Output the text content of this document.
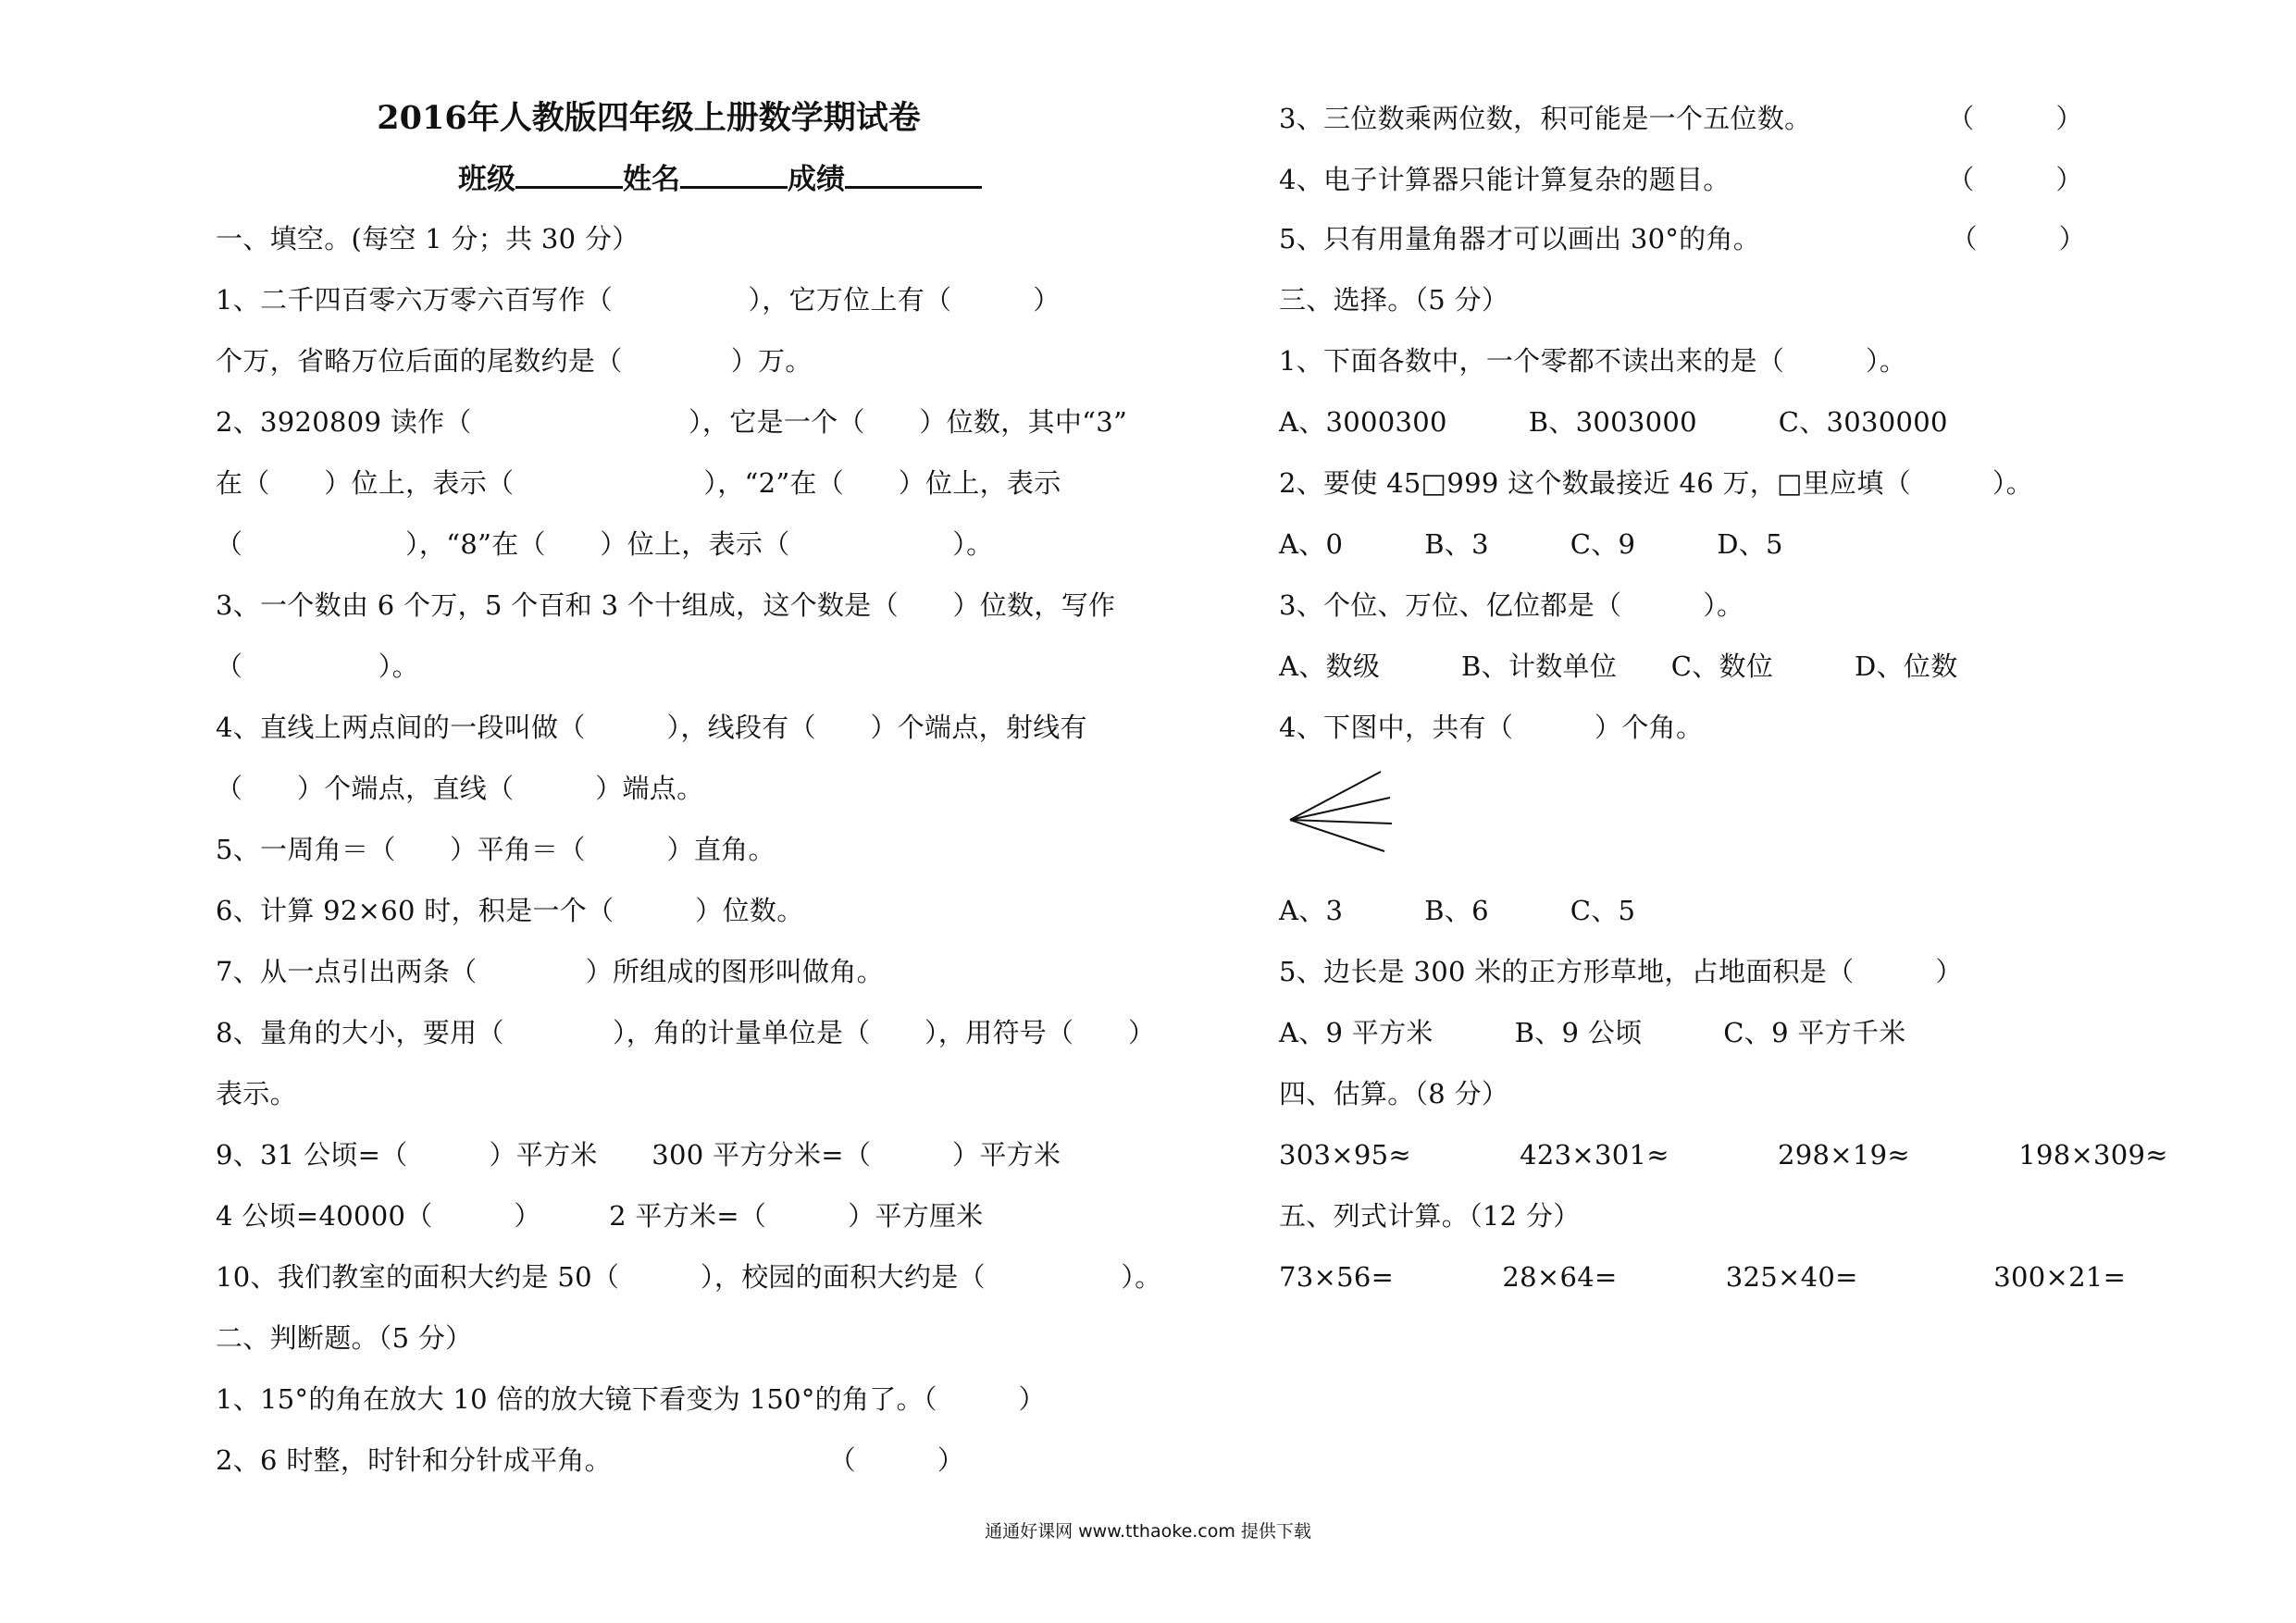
2016年人教版四年级上册数学期试卷
班级	姓名	成绩
一、填空。(每空 1 分；共 30 分）
1、二千四百零六万零六百写作（　　　　　），它万位上有（　　　）
个万，省略万位后面的尾数约是（　　　　）万。
2、3920809 读作（　　　　　　　　），它是一个（　　）位数，其中“3”
在（　　）位上，表示（　　　　　　　），“2”在（　　）位上，表示
（　　　　　　），“8”在（　　）位上，表示（　　　　　　）。
3、一个数由 6 个万，5 个百和 3 个十组成，这个数是（　　）位数，写作
（　　　　　）。
4、直线上两点间的一段叫做（　　　），线段有（　　）个端点，射线有
（　　）个端点，直线（　　　）端点。
5、一周角＝（　　）平角＝（　　　）直角。
6、计算 92×60 时，积是一个（　　　）位数。
7、从一点引出两条（　　　　）所组成的图形叫做角。
8、量角的大小，要用（　　　　），角的计量单位是（　　），用符号（　　）
表示。
9、31 公顷=（　　　）平方米　　300 平方分米=（　　　）平方米
4 公顷=40000（　　　）　　　2 平方米=（　　　）平方厘米
10、我们教室的面积大约是 50（　　　），校园的面积大约是（　　　　　）。
二、判断题。（5 分）
1、15°的角在放大 10 倍的放大镜下看变为 150°的角了。（　　　）
2、6 时整，时针和分针成平角。　　　　　　　　　（　　　）
3、三位数乘两位数，积可能是一个五位数。　　　　　　（　　　）
4、电子计算器只能计算复杂的题目。　　　　　　　　　（　　　）
5、只有用量角器才可以画出 30°的角。　　　　　　　　（　　　）
三、选择。（5 分）
1、下面各数中，一个零都不读出来的是（　　　）。
A、3000300　　　B、3003000　　　C、3030000
2、要使 45□999 这个数最接近 46 万，□里应填（　　　）。
A、0　　　B、3　　　C、9　　　D、5
3、个位、万位、亿位都是（　　　）。
A、数级　　　B、计数单位　　C、数位　　　D、位数
4、下图中，共有（　　　）个角。
A、3　　　B、6　　　C、5
5、边长是 300 米的正方形草地，占地面积是（　　　）
A、9 平方米　　　B、9 公顷　　　C、9 平方千米
四、估算。（8 分）
303×95≈　　　　423×301≈　　　　298×19≈　　　　198×309≈
五、列式计算。（12 分）
73×56=　　　　28×64=　　　　325×40=　　　　　300×21=
通通好课网 www.tthaoke.com 提供下载
